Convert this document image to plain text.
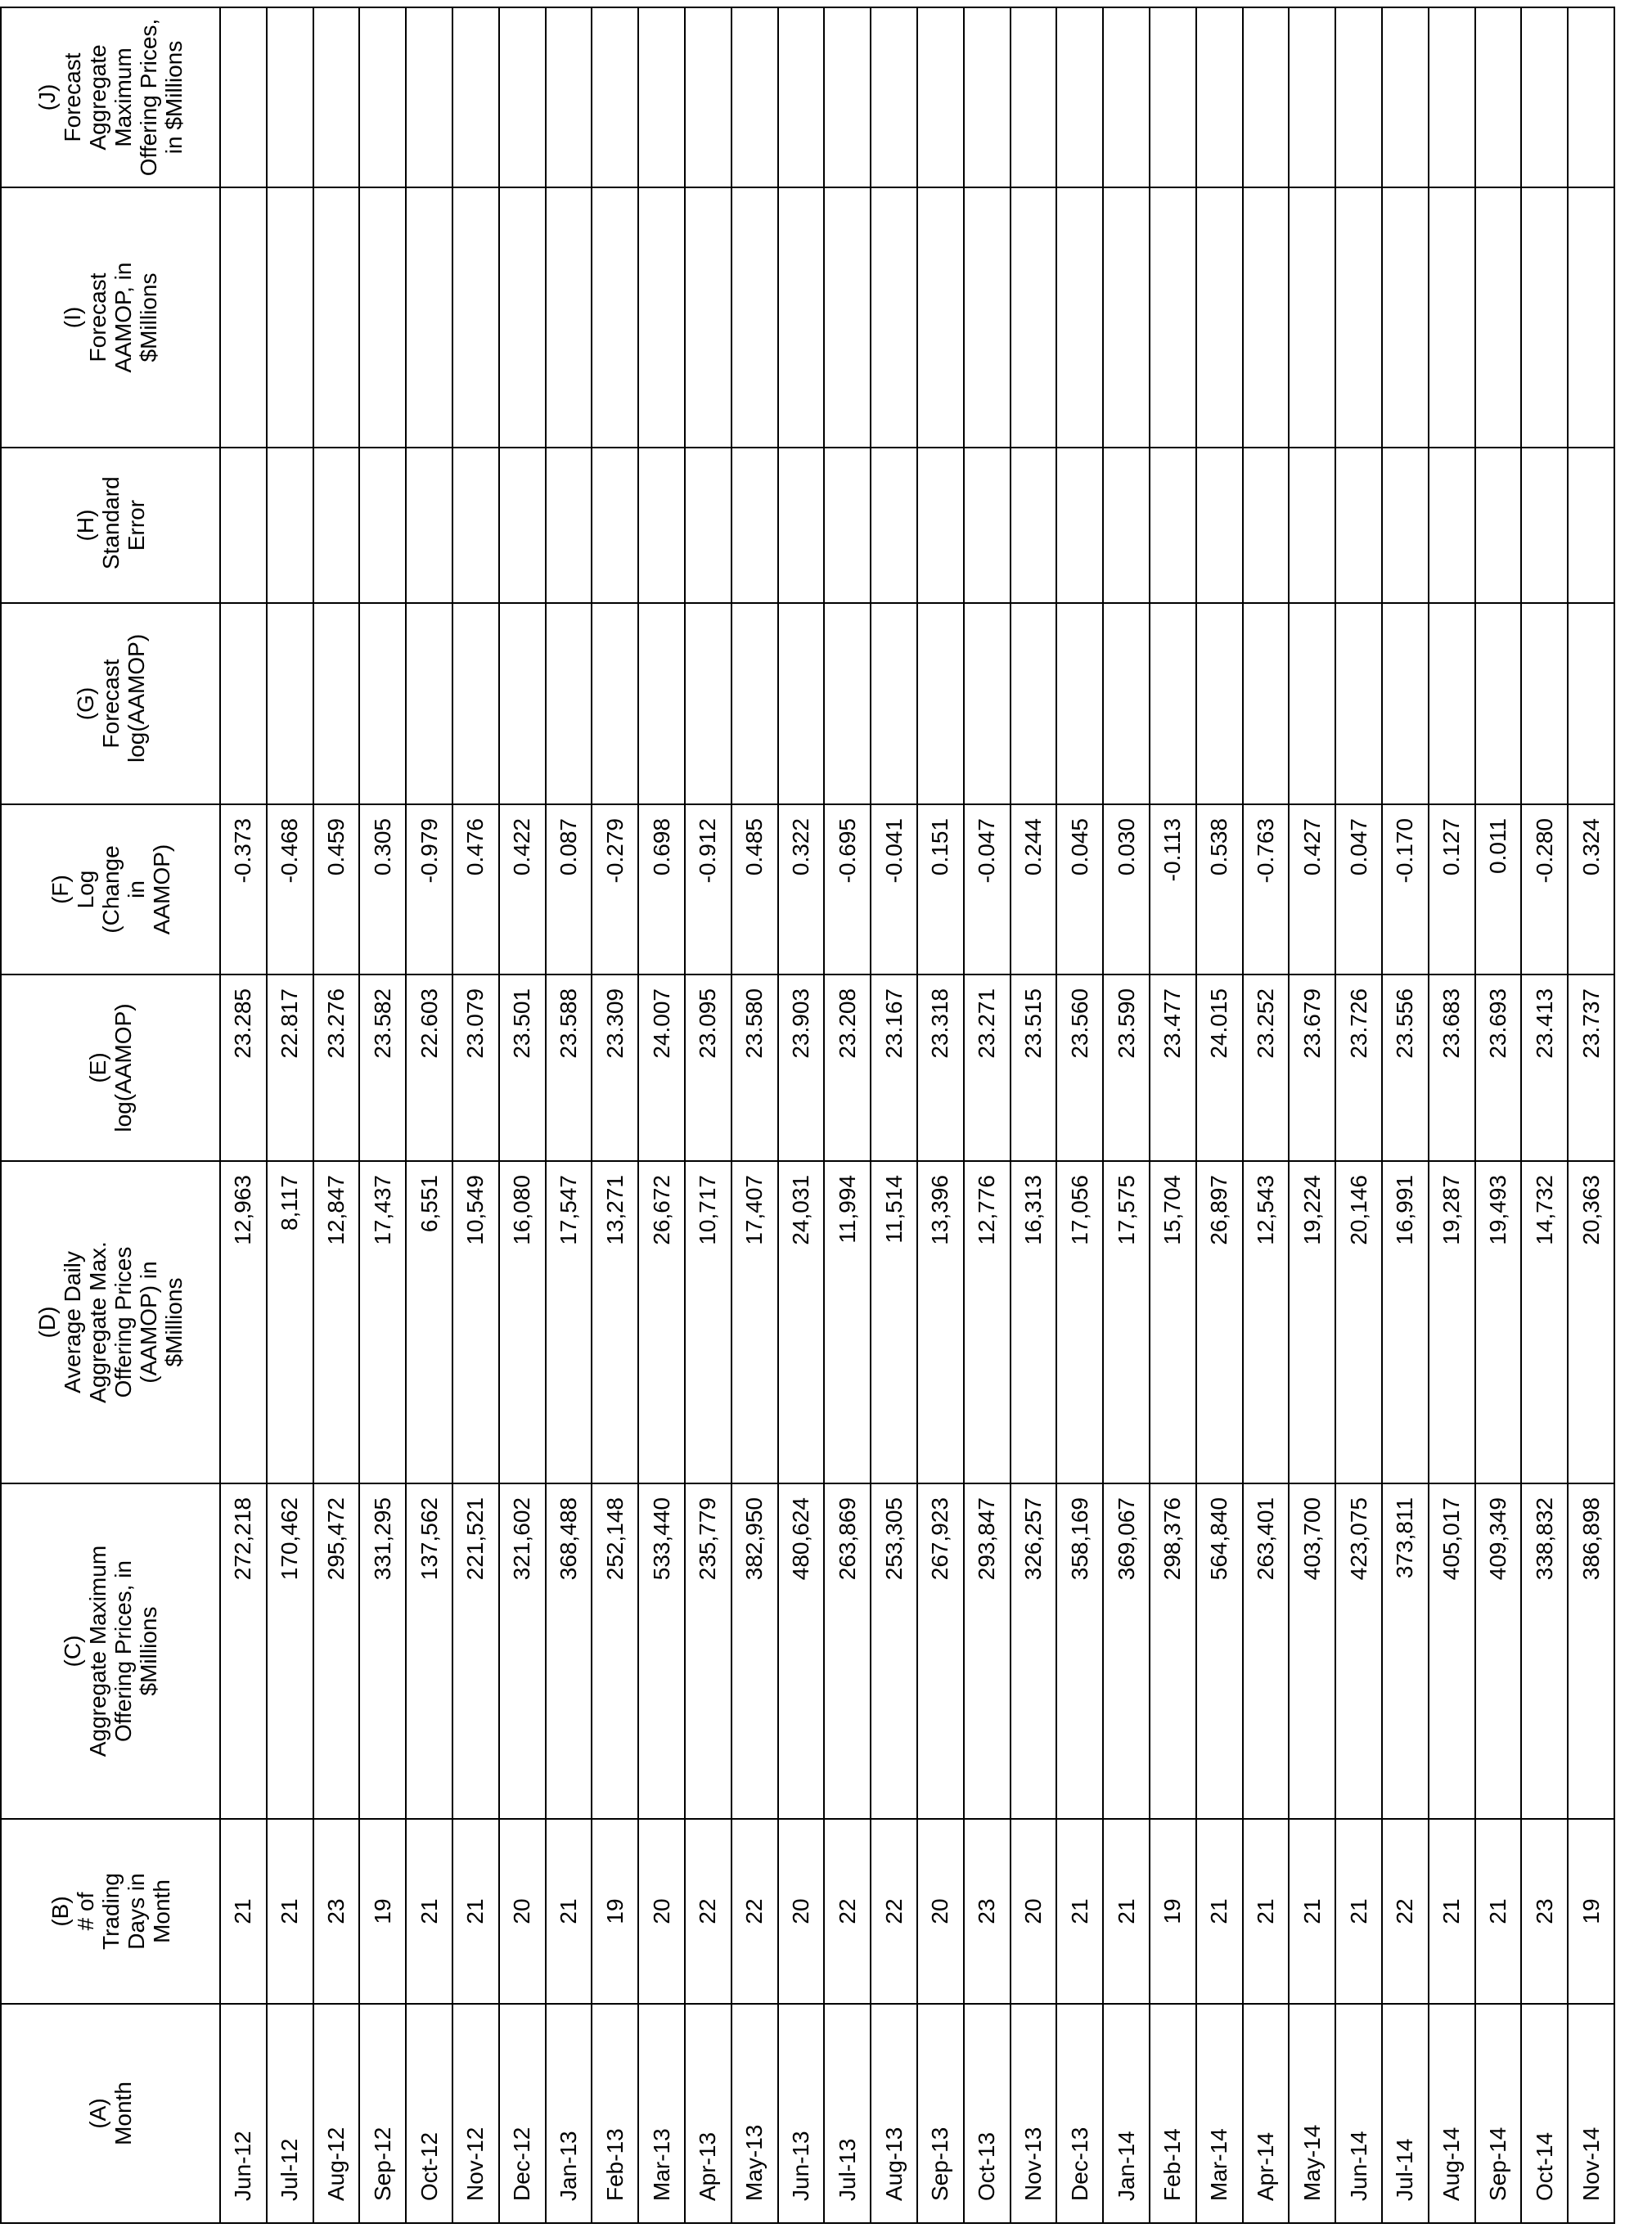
(A) Month	(B) # of Trading Days in Month	(C) Aggregate Maximum Offering Prices, in $Millions	(D) Average Daily Aggregate Max. Offering Prices (AAMOP) in $Millions	(E) log(AAMOP)	(F) Log (Change in AAMOP)	(G) Forecast log(AAMOP)	(H) Standard Error	(I) Forecast AAMOP, in $Millions	(J) Forecast Aggregate Maximum Offering Prices, in $Millions

Jun-12	21	272,218	12,963	23.285	-0.373				
Jul-12	21	170,462	8,117	22.817	-0.468				
Aug-12	23	295,472	12,847	23.276	0.459				
Sep-12	19	331,295	17,437	23.582	0.305				
Oct-12	21	137,562	6,551	22.603	-0.979				
Nov-12	21	221,521	10,549	23.079	0.476				
Dec-12	20	321,602	16,080	23.501	0.422				
Jan-13	21	368,488	17,547	23.588	0.087				
Feb-13	19	252,148	13,271	23.309	-0.279				
Mar-13	20	533,440	26,672	24.007	0.698				
Apr-13	22	235,779	10,717	23.095	-0.912				
May-13	22	382,950	17,407	23.580	0.485				
Jun-13	20	480,624	24,031	23.903	0.322				
Jul-13	22	263,869	11,994	23.208	-0.695				
Aug-13	22	253,305	11,514	23.167	-0.041				
Sep-13	20	267,923	13,396	23.318	0.151				
Oct-13	23	293,847	12,776	23.271	-0.047				
Nov-13	20	326,257	16,313	23.515	0.244				
Dec-13	21	358,169	17,056	23.560	0.045				
Jan-14	21	369,067	17,575	23.590	0.030				
Feb-14	19	298,376	15,704	23.477	-0.113				
Mar-14	21	564,840	26,897	24.015	0.538				
Apr-14	21	263,401	12,543	23.252	-0.763				
May-14	21	403,700	19,224	23.679	0.427				
Jun-14	21	423,075	20,146	23.726	0.047				
Jul-14	22	373,811	16,991	23.556	-0.170				
Aug-14	21	405,017	19,287	23.683	0.127				
Sep-14	21	409,349	19,493	23.693	0.011				
Oct-14	23	338,832	14,732	23.413	-0.280				
Nov-14	19	386,898	20,363	23.737	0.324				
